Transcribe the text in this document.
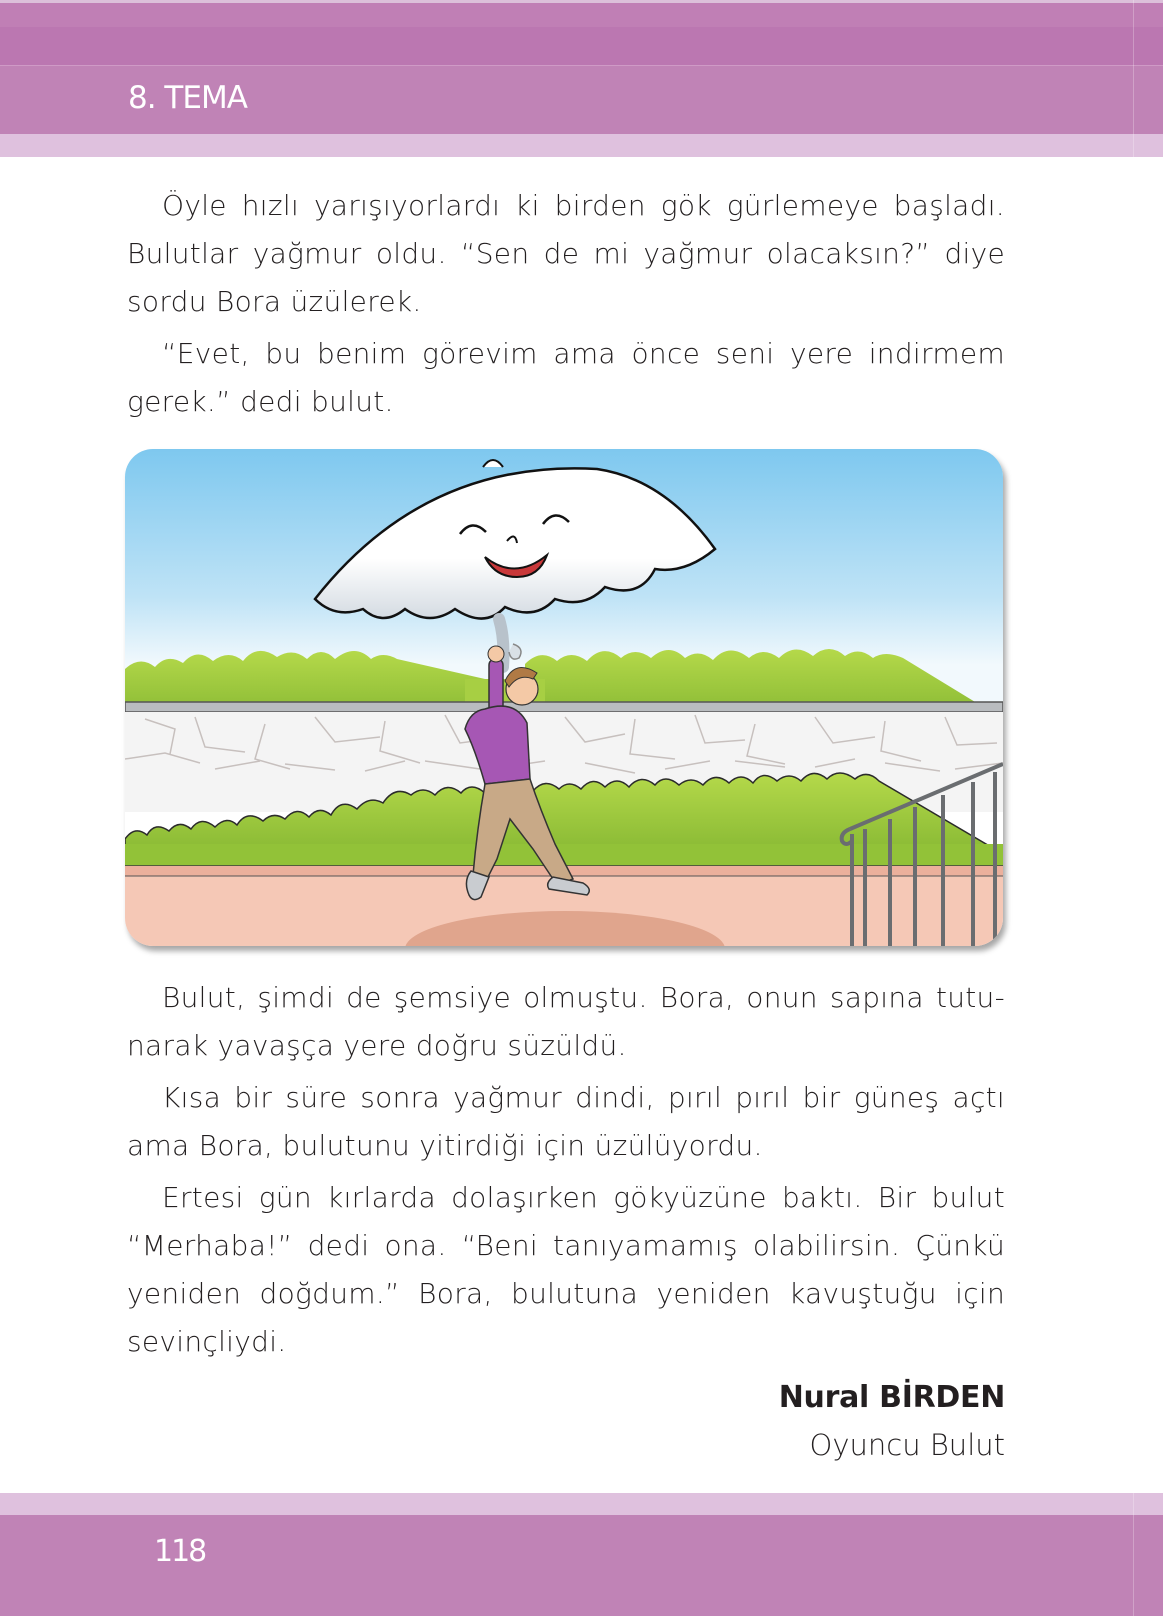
8. TEMA

Öyle hızlı yarışıyorlardı ki birden gök gürlemeye başladı. Bulutlar yağmur oldu. “Sen de mi yağmur olacaksın?” diye sordu Bora üzülerek.

“Evet, bu benim görevim ama önce seni yere indirmem gerek.” dedi bulut.

Bulut, şimdi de şemsiye olmuştu. Bora, onun sapına tutu-narak yavaşça yere doğru süzüldü.

Kısa bir süre sonra yağmur dindi, pırıl pırıl bir güneş açtı ama Bora, bulutunu yitirdiği için üzülüyordu.

Ertesi gün kırlarda dolaşırken gökyüzüne baktı. Bir bulut “Merhaba!” dedi ona. “Beni tanıyamamış olabilirsin. Çünkü yeniden doğdum.” Bora, bulutuna yeniden kavuştuğu için sevinçliydi.

Nural BİRDEN
Oyuncu Bulut
118
